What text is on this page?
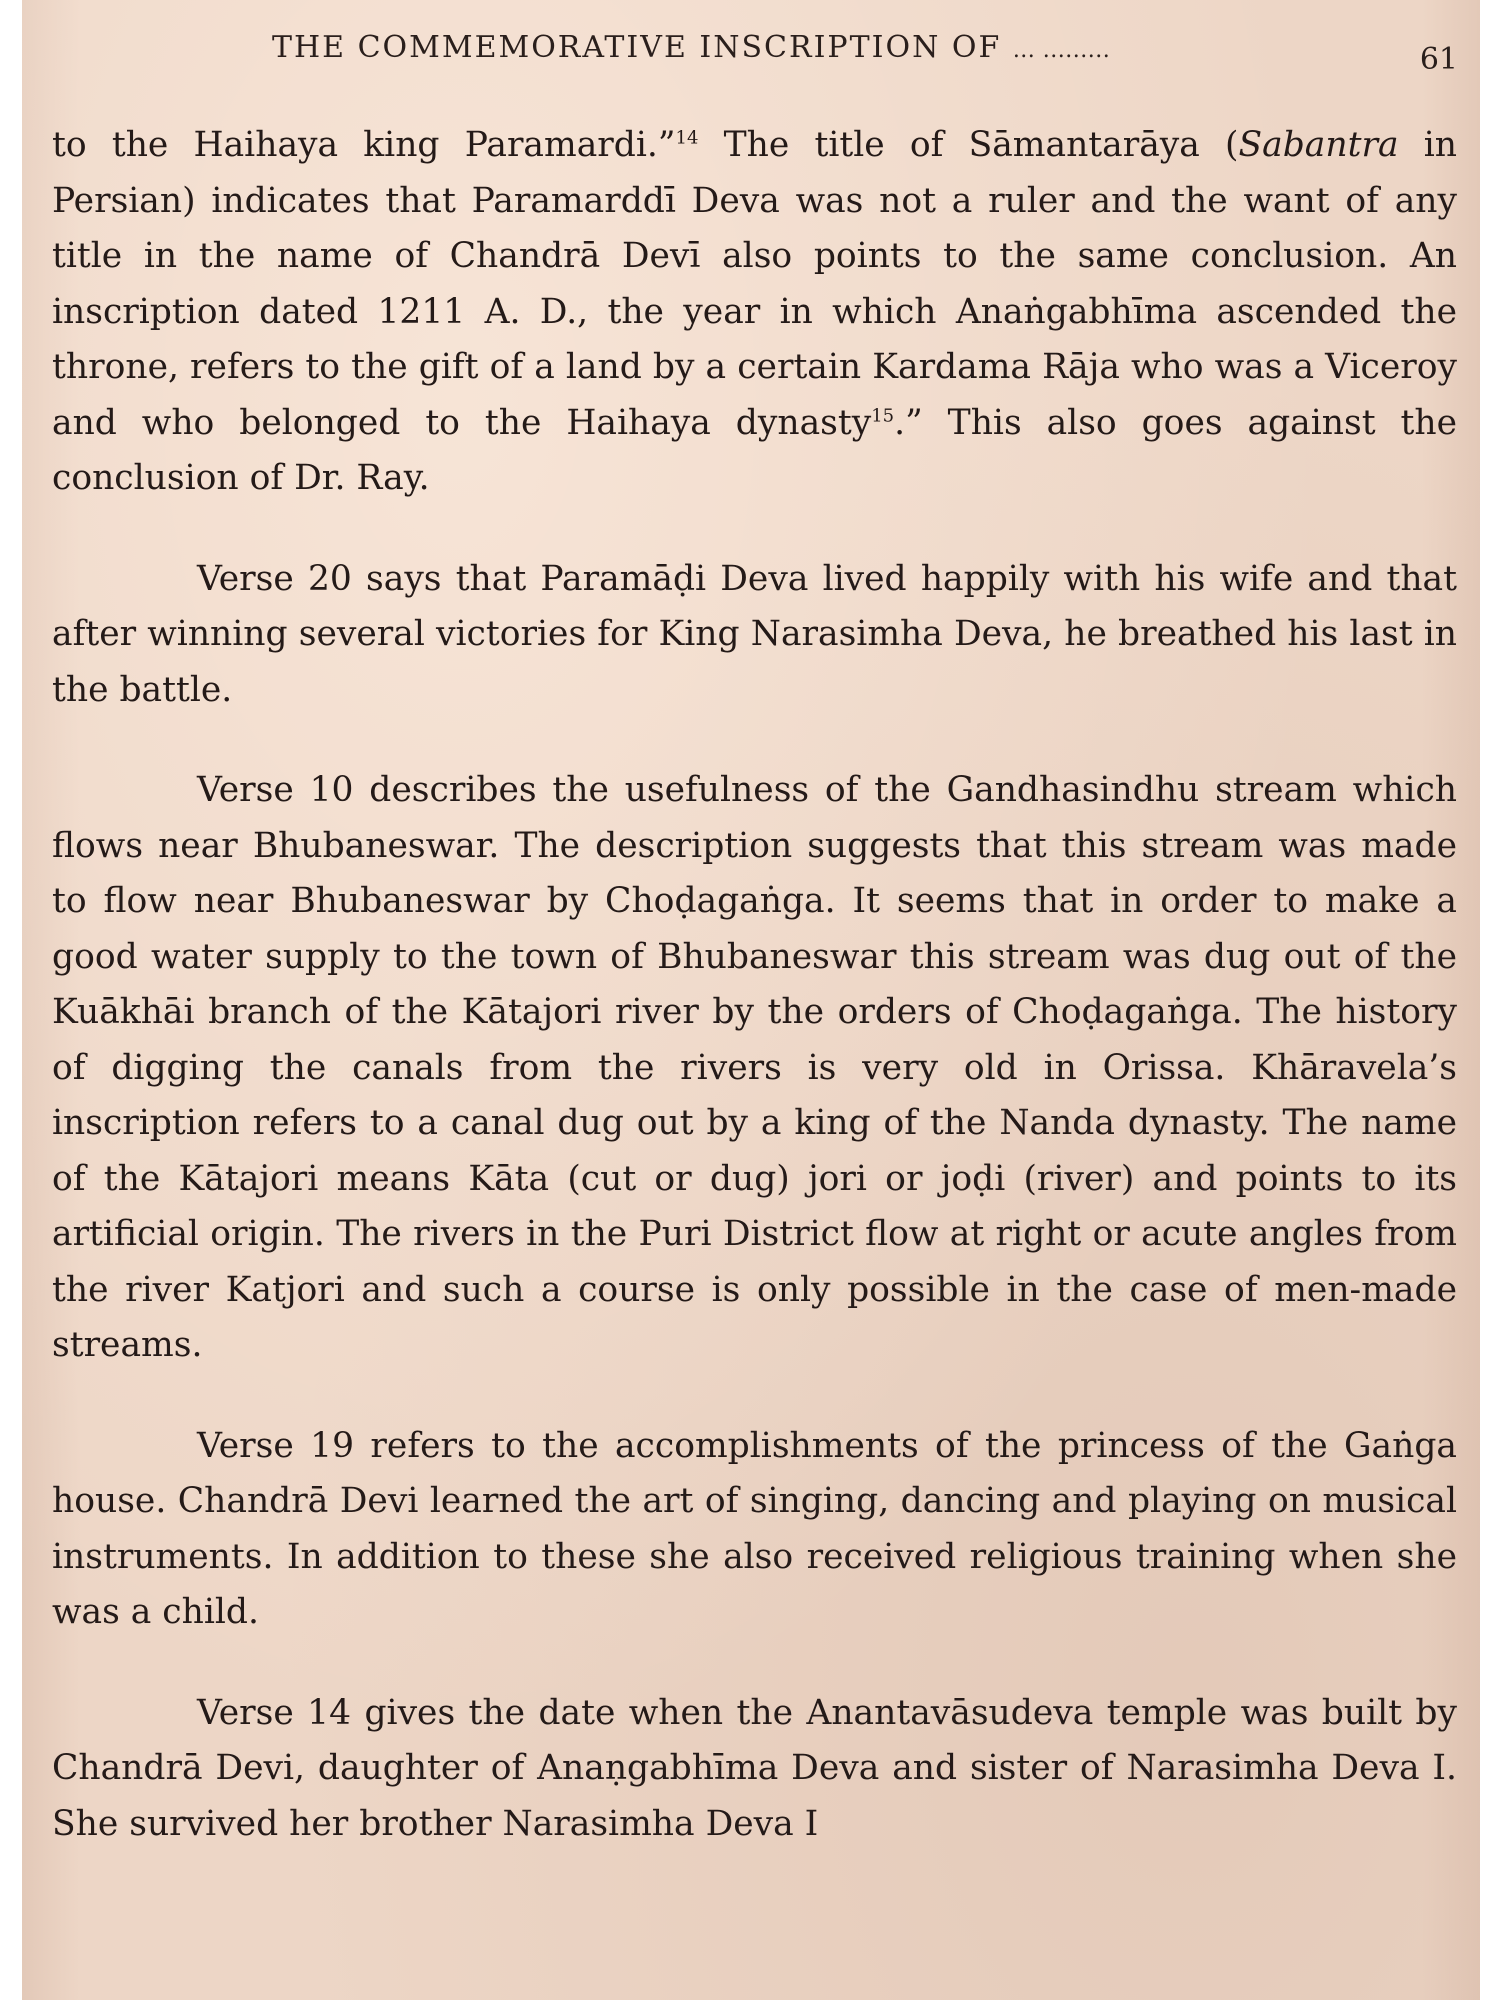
THE COMMEMORATIVE INSCRIPTION OF ... .........	61

to the Haihaya king Paramardi.”$^{14}$ The title of Sāmantarāya (Sabantra in Persian) indicates that Paramarddī Deva was not a ruler and the want of any title in the name of Chandrā Devī also points to the same conclusion. An inscription dated 1211 A. D., the year in which Anaṅgabhīma ascended the throne, refers to the gift of a land by a certain Kardama Rāja who was a Viceroy and who belonged to the Haihaya dynasty$^{15}$.” This also goes against the conclusion of Dr. Ray.

Verse 20 says that Paramāḍi Deva lived happily with his wife and that after winning several victories for King Narasimha Deva, he breathed his last in the battle.

Verse 10 describes the usefulness of the Gandhasindhu stream which flows near Bhubaneswar. The description suggests that this stream was made to flow near Bhubaneswar by Choḍagaṅga. It seems that in order to make a good water supply to the town of Bhubaneswar this stream was dug out of the Kuākhāi branch of the Kātajori river by the orders of Choḍagaṅga. The history of digging the canals from the rivers is very old in Orissa. Khāravela’s inscription refers to a canal dug out by a king of the Nanda dynasty. The name of the Kātajori means Kāta (cut or dug) jori or joḍi (river) and points to its artificial origin. The rivers in the Puri District flow at right or acute angles from the river Katjori and such a course is only possible in the case of men-made streams.

Verse 19 refers to the accomplishments of the princess of the Gaṅga house. Chandrā Devi learned the art of singing, dancing and playing on musical instruments. In addition to these she also received religious training when she was a child.

Verse 14 gives the date when the Anantavāsudeva temple was built by Chandrā Devi, daughter of Anaṇgabhīma Deva and sister of Narasimha Deva I. She survived her brother Narasimha Deva I
